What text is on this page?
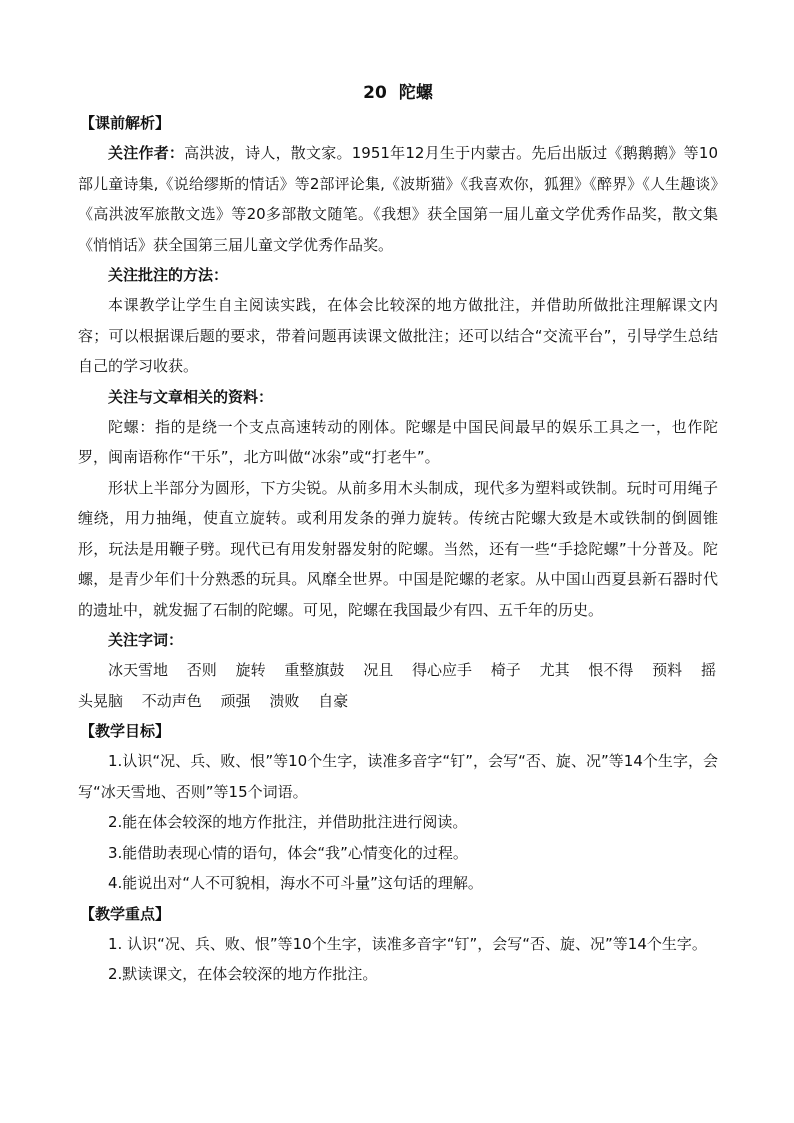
20 陀螺
【课前解析】
关注作者：高洪波，诗人，散文家。1951年12月生于内蒙古。先后出版过《鹅鹅鹅》等10部儿童诗集,《说给缪斯的情话》等2部评论集,《波斯猫》《我喜欢你，狐狸》《醉界》《人生趣谈》《高洪波军旅散文选》等20多部散文随笔。《我想》获全国第一届儿童文学优秀作品奖，散文集《悄悄话》获全国第三届儿童文学优秀作品奖。
关注批注的方法：
本课教学让学生自主阅读实践，在体会比较深的地方做批注，并借助所做批注理解课文内容；可以根据课后题的要求，带着问题再读课文做批注；还可以结合“交流平台”，引导学生总结自己的学习收获。
关注与文章相关的资料：
陀螺：指的是绕一个支点高速转动的刚体。陀螺是中国民间最早的娱乐工具之一，也作陀罗，闽南语称作“干乐”，北方叫做“冰尜”或“打老牛”。
形状上半部分为圆形，下方尖锐。从前多用木头制成，现代多为塑料或铁制。玩时可用绳子缠绕，用力抽绳，使直立旋转。或利用发条的弹力旋转。传统古陀螺大致是木或铁制的倒圆锥形，玩法是用鞭子劈。现代已有用发射器发射的陀螺。当然，还有一些“手捻陀螺”十分普及。陀螺，是青少年们十分熟悉的玩具。风靡全世界。中国是陀螺的老家。从中国山西夏县新石器时代的遗址中，就发掘了石制的陀螺。可见，陀螺在我国最少有四、五千年的历史。
关注字词：
冰天雪地 否则 旋转 重整旗鼓 况且 得心应手 椅子 尤其 恨不得 预料 摇头晃脑 不动声色 顽强 溃败 自豪
【教学目标】
1.认识“况、兵、败、恨”等10个生字，读准多音字“钉”，会写“否、旋、况”等14个生字，会写“冰天雪地、否则”等15个词语。
2.能在体会较深的地方作批注，并借助批注进行阅读。
3.能借助表现心情的语句，体会“我”心情变化的过程。
4.能说出对“人不可貌相，海水不可斗量”这句话的理解。
【教学重点】
1. 认识“况、兵、败、恨”等10个生字，读准多音字“钉”，会写“否、旋、况”等14个生字。
2.默读课文，在体会较深的地方作批注。
